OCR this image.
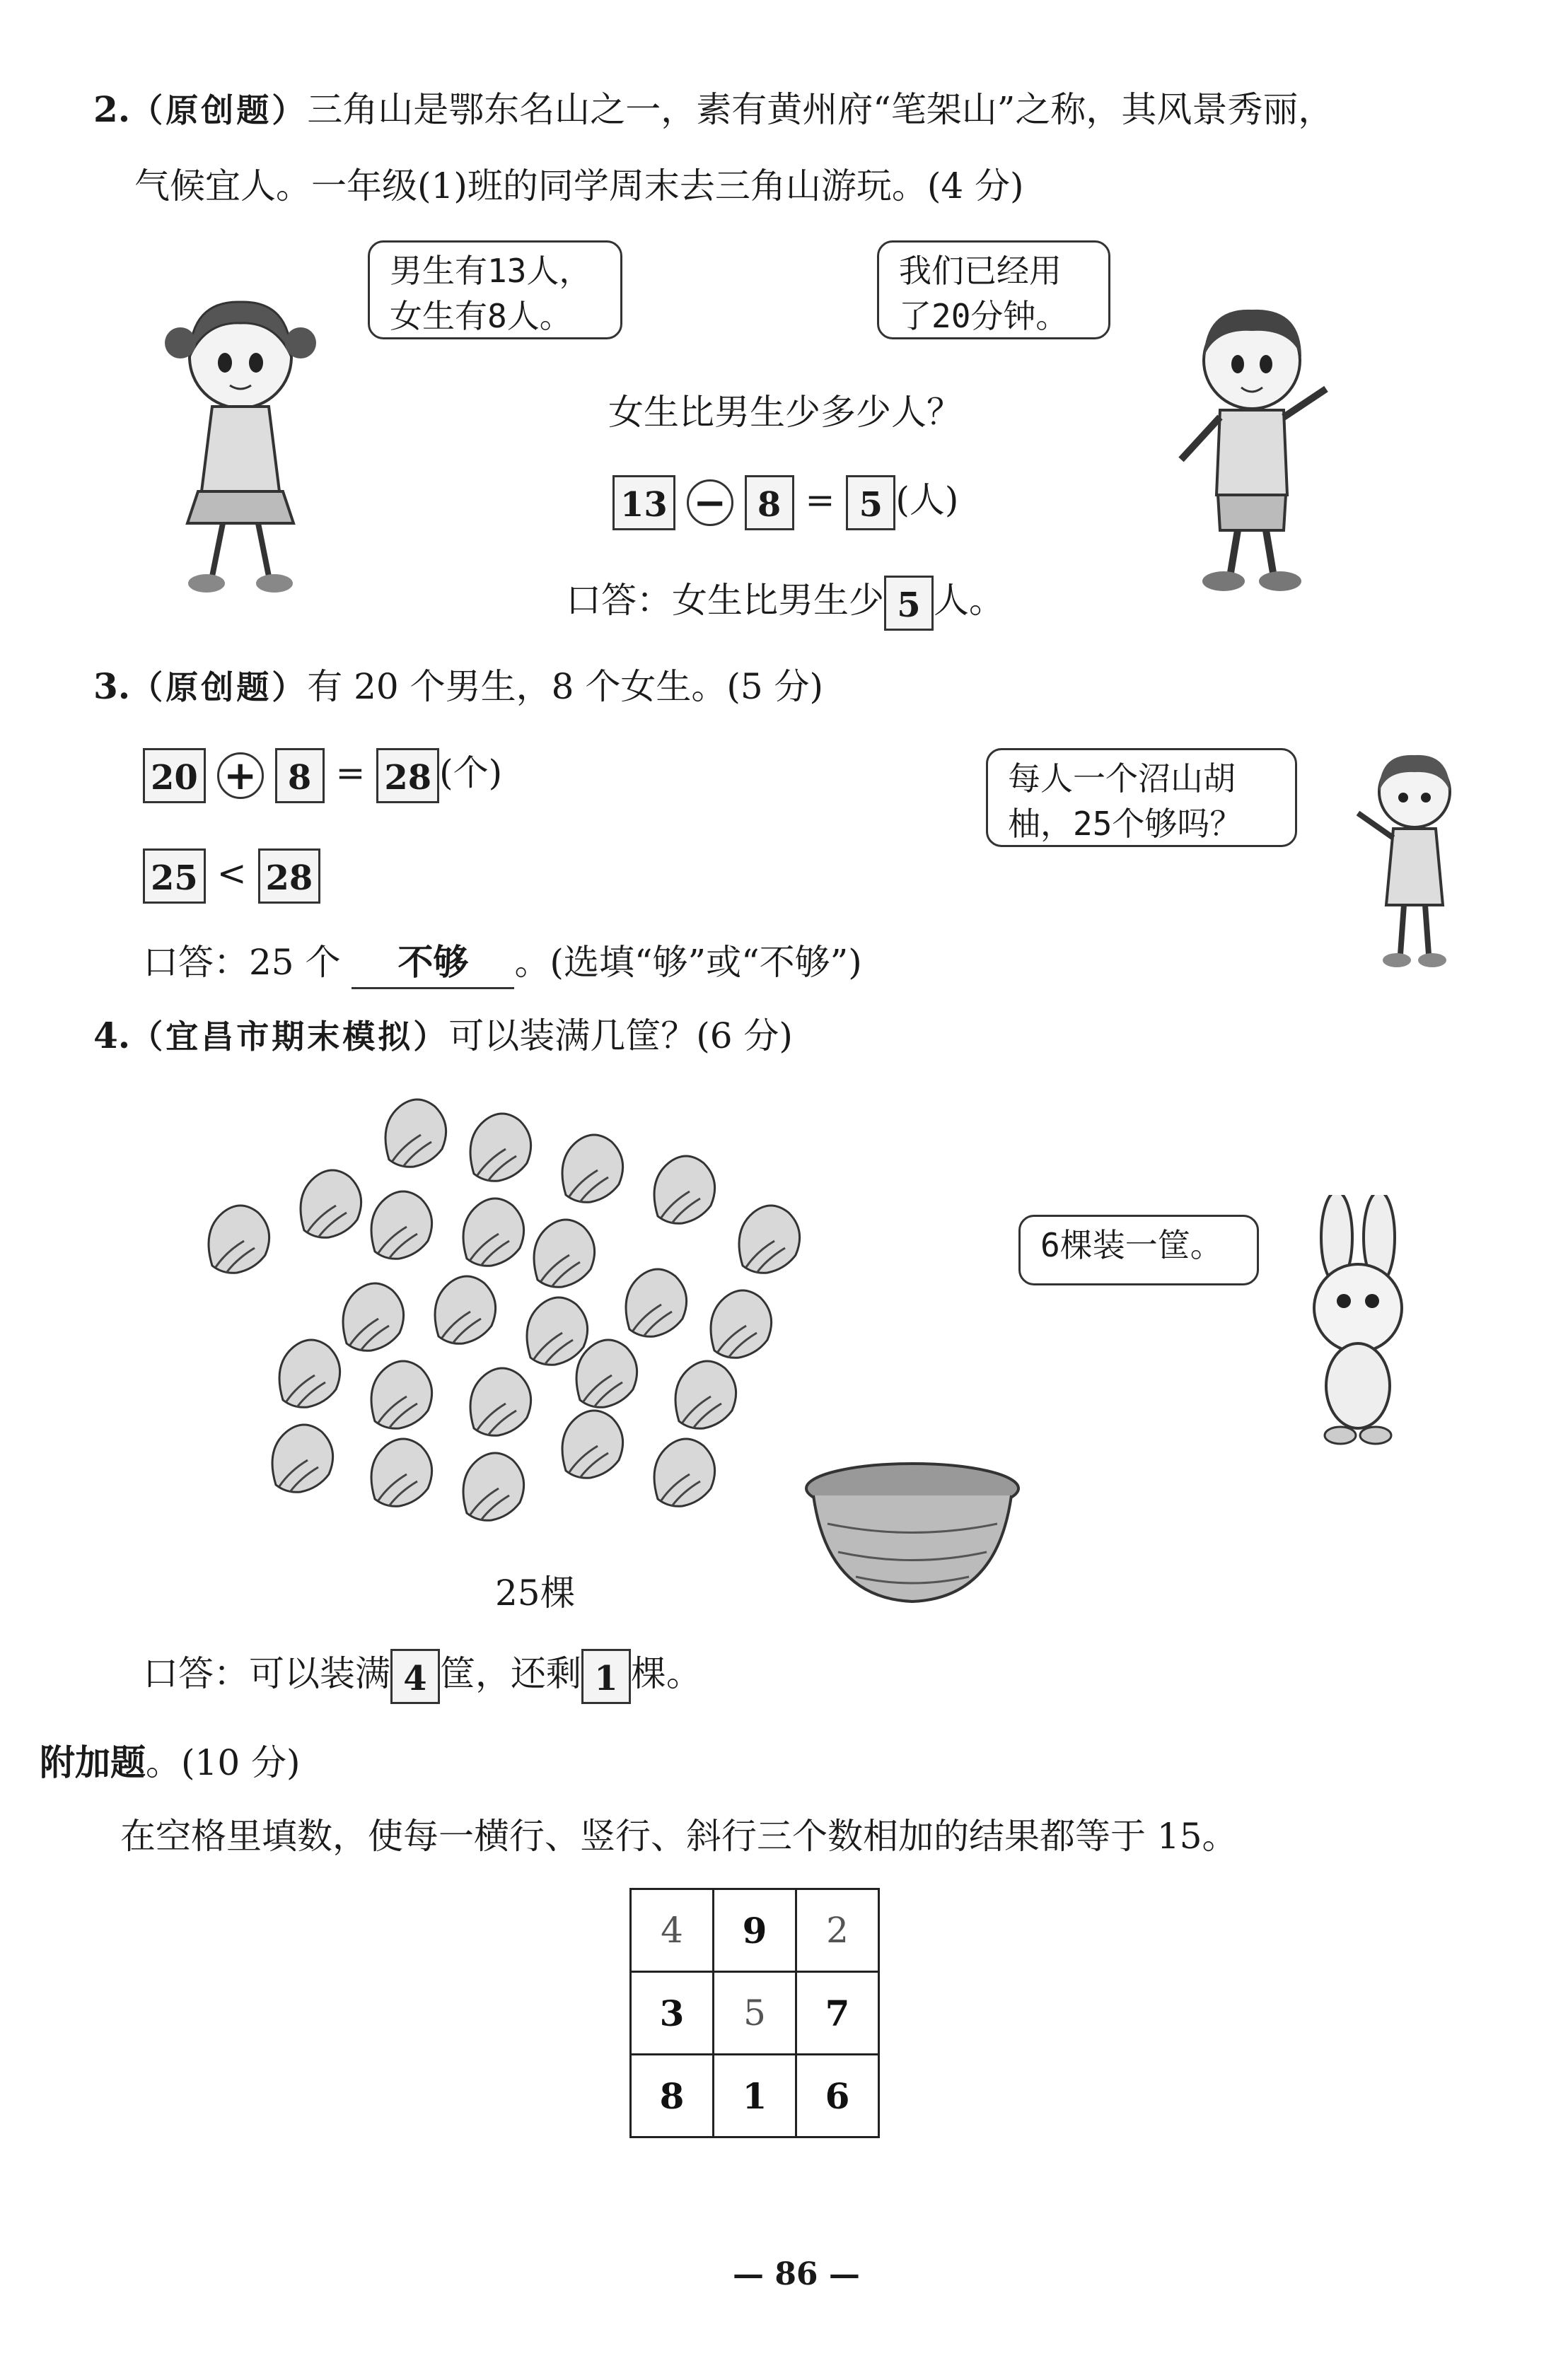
2.（原创题）三角山是鄂东名山之一，素有黄州府“笔架山”之称，其风景秀丽，
气候宜人。一年级(1)班的同学周末去三角山游玩。(4 分)
男生有13人，
女生有8人。
我们已经用
了20分钟。
女生比男生少多少人？
13 − 8 = 5 (人)
口答：女生比男生少 5 人。
3.（原创题）有 20 个男生，8 个女生。(5 分)
20 + 8 = 28 (个)
25 < 28
每人一个沼山胡
柚，25个够吗？
口答：25 个 不够 。(选填“够”或“不够”)
4.（宜昌市期末模拟）可以装满几筐？(6 分)
25棵
6棵装一筐。
口答：可以装满 4 筐，还剩 1 棵。
附加题。(10 分)
在空格里填数，使每一横行、竖行、斜行三个数相加的结果都等于 15。
4	9	2
3	5	7
8	1	6
— 86 —
